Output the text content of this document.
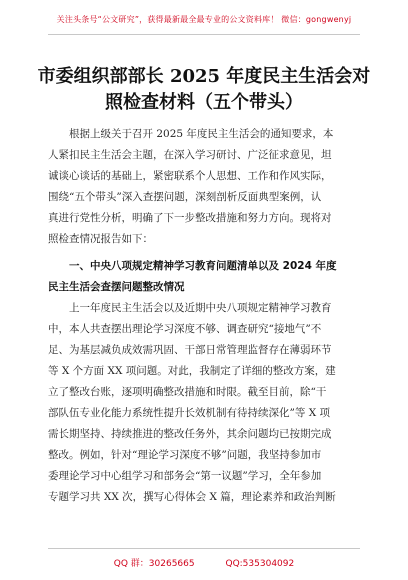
关注头条号“公文研究”，获得最新最全最专业的公文资料库！ 微信：gongwenyj
市委组织部部长 2025 年度民主生活会对
照检查材料（五个带头）
根据上级关于召开 2025 年度民主生活会的通知要求，本
人紧扣民主生活会主题，在深入学习研讨、广泛征求意见，坦
诚谈心谈话的基础上，紧密联系个人思想、工作和作风实际，
围绕“五个带头”深入查摆问题，深刻剖析反面典型案例，认
真进行党性分析，明确了下一步整改措施和努力方向。现将对
照检查情况报告如下：
一、中央八项规定精神学习教育问题清单以及 2024 年度
民主生活会查摆问题整改情况
上一年度民主生活会以及近期中央八项规定精神学习教育
中，本人共查摆出理论学习深度不够、调查研究“接地气”不
足、为基层减负成效需巩固、干部日常管理监督存在薄弱环节
等 X 个方面 XX 项问题。对此，我制定了详细的整改方案，建
立了整改台账，逐项明确整改措施和时限。截至目前，除“干
部队伍专业化能力系统性提升长效机制有待持续深化”等 X 项
需长期坚持、持续推进的整改任务外，其余问题均已按期完成
整改。例如，针对“理论学习深度不够”问题，我坚持参加市
委理论学习中心组学习和部务会“第一议题”学习，全年参加
专题学习共 XX 次，撰写心得体会 X 篇，理论素养和政治判断
QQ 群：30265665	QQ:535304092
